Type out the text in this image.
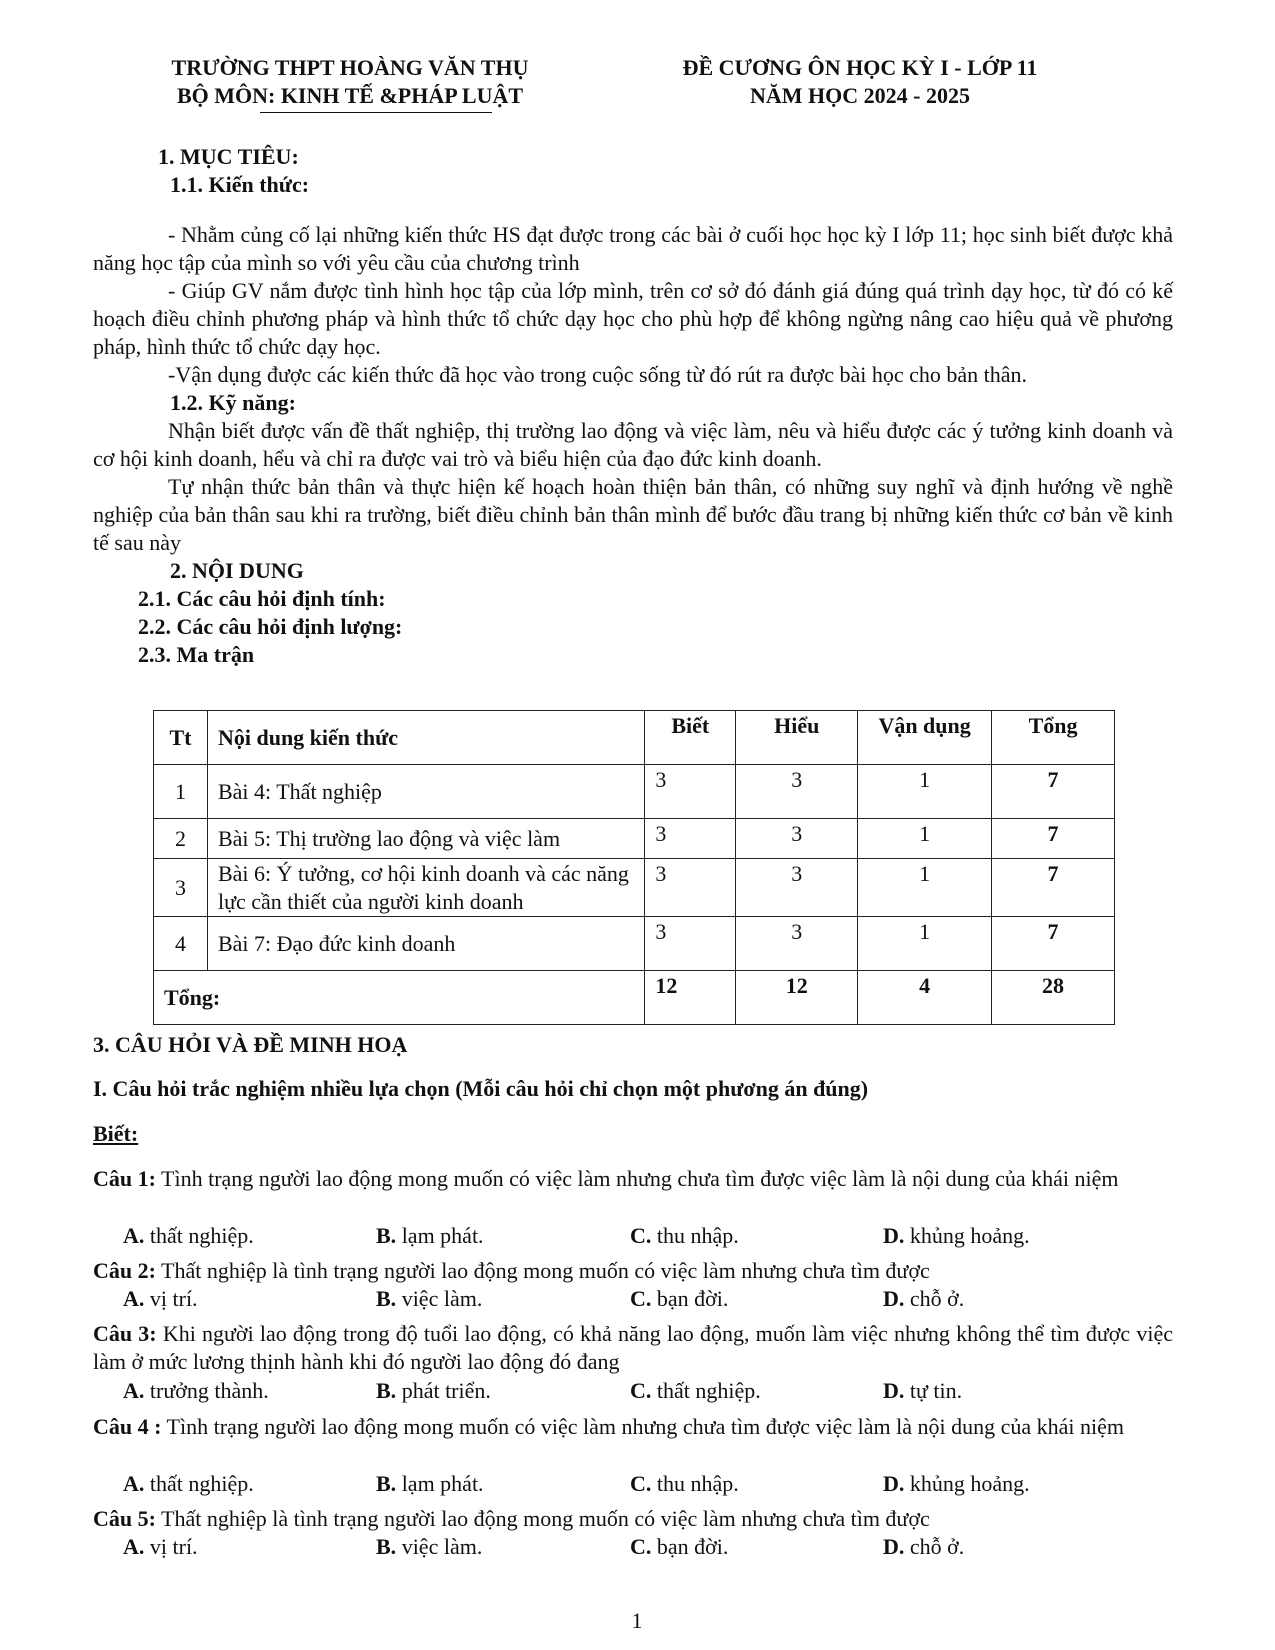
TRƯỜNG THPT HOÀNG VĂN THỤ
BỘ MÔN: KINH TẾ &PHÁP LUẬT
ĐỀ CƯƠNG ÔN HỌC KỲ I - LỚP 11
NĂM HỌC 2024 - 2025
1. MỤC TIÊU:
1.1. Kiến thức:
- Nhằm củng cố lại những kiến thức HS đạt được trong các bài ở cuối học học kỳ I lớp 11; học sinh biết được khả năng học tập của mình so với yêu cầu của chương trình
- Giúp GV nắm được tình hình học tập của lớp mình, trên cơ sở đó đánh giá đúng quá trình dạy học, từ đó có kế hoạch điều chỉnh phương pháp và hình thức tổ chức dạy học cho phù hợp để không ngừng nâng cao hiệu quả về phương pháp, hình thức tổ chức dạy học.
-Vận dụng được các kiến thức đã học vào trong cuộc sống từ đó rút ra được bài học cho bản thân.
1.2. Kỹ năng:
Nhận biết được vấn đề thất nghiệp, thị trường lao động và việc làm, nêu và hiểu được các ý tưởng kinh doanh và cơ hội kinh doanh, hểu và chỉ ra được vai trò và biểu hiện của đạo đức kinh doanh.
Tự nhận thức bản thân và thực hiện kế hoạch hoàn thiện bản thân, có những suy nghĩ và định hướng về nghề nghiệp của bản thân sau khi ra trường, biết điều chỉnh bản thân mình để bước đầu trang bị những kiến thức cơ bản về kinh tế sau này
2. NỘI DUNG
2.1. Các câu hỏi định tính:
2.2. Các câu hỏi định lượng:
2.3. Ma trận
Tt	Nội dung kiến thức	Biết	Hiểu	Vận dụng	Tổng
1	Bài 4: Thất nghiệp	3	3	1	7
2	Bài 5: Thị trường lao động và việc làm	3	3	1	7
3	Bài 6: Ý tưởng, cơ hội kinh doanh và các năng lực cần thiết của người kinh doanh	3	3	1	7
4	Bài 7: Đạo đức kinh doanh	3	3	1	7
Tổng:		12	12	4	28
3. CÂU HỎI VÀ ĐỀ MINH HOẠ
I. Câu hỏi trắc nghiệm nhiều lựa chọn (Mỗi câu hỏi chỉ chọn một phương án đúng)
Biết:
Câu 1: Tình trạng người lao động mong muốn có việc làm nhưng chưa tìm được việc làm là nội dung của khái niệm
A. thất nghiệp.	B. lạm phát.	C. thu nhập.	D. khủng hoảng.
Câu 2: Thất nghiệp là tình trạng người lao động mong muốn có việc làm nhưng chưa tìm được
A. vị trí.	B. việc làm.	C. bạn đời.	D. chỗ ở.
Câu 3: Khi người lao động trong độ tuổi lao động, có khả năng lao động, muốn làm việc nhưng không thể tìm được việc làm ở mức lương thịnh hành khi đó người lao động đó đang
A. trưởng thành.	B. phát triển.	C. thất nghiệp.	D. tự tin.
Câu 4 : Tình trạng người lao động mong muốn có việc làm nhưng chưa tìm được việc làm là nội dung của khái niệm
A. thất nghiệp.	B. lạm phát.	C. thu nhập.	D. khủng hoảng.
Câu 5: Thất nghiệp là tình trạng người lao động mong muốn có việc làm nhưng chưa tìm được
A. vị trí.	B. việc làm.	C. bạn đời.	D. chỗ ở.
1
